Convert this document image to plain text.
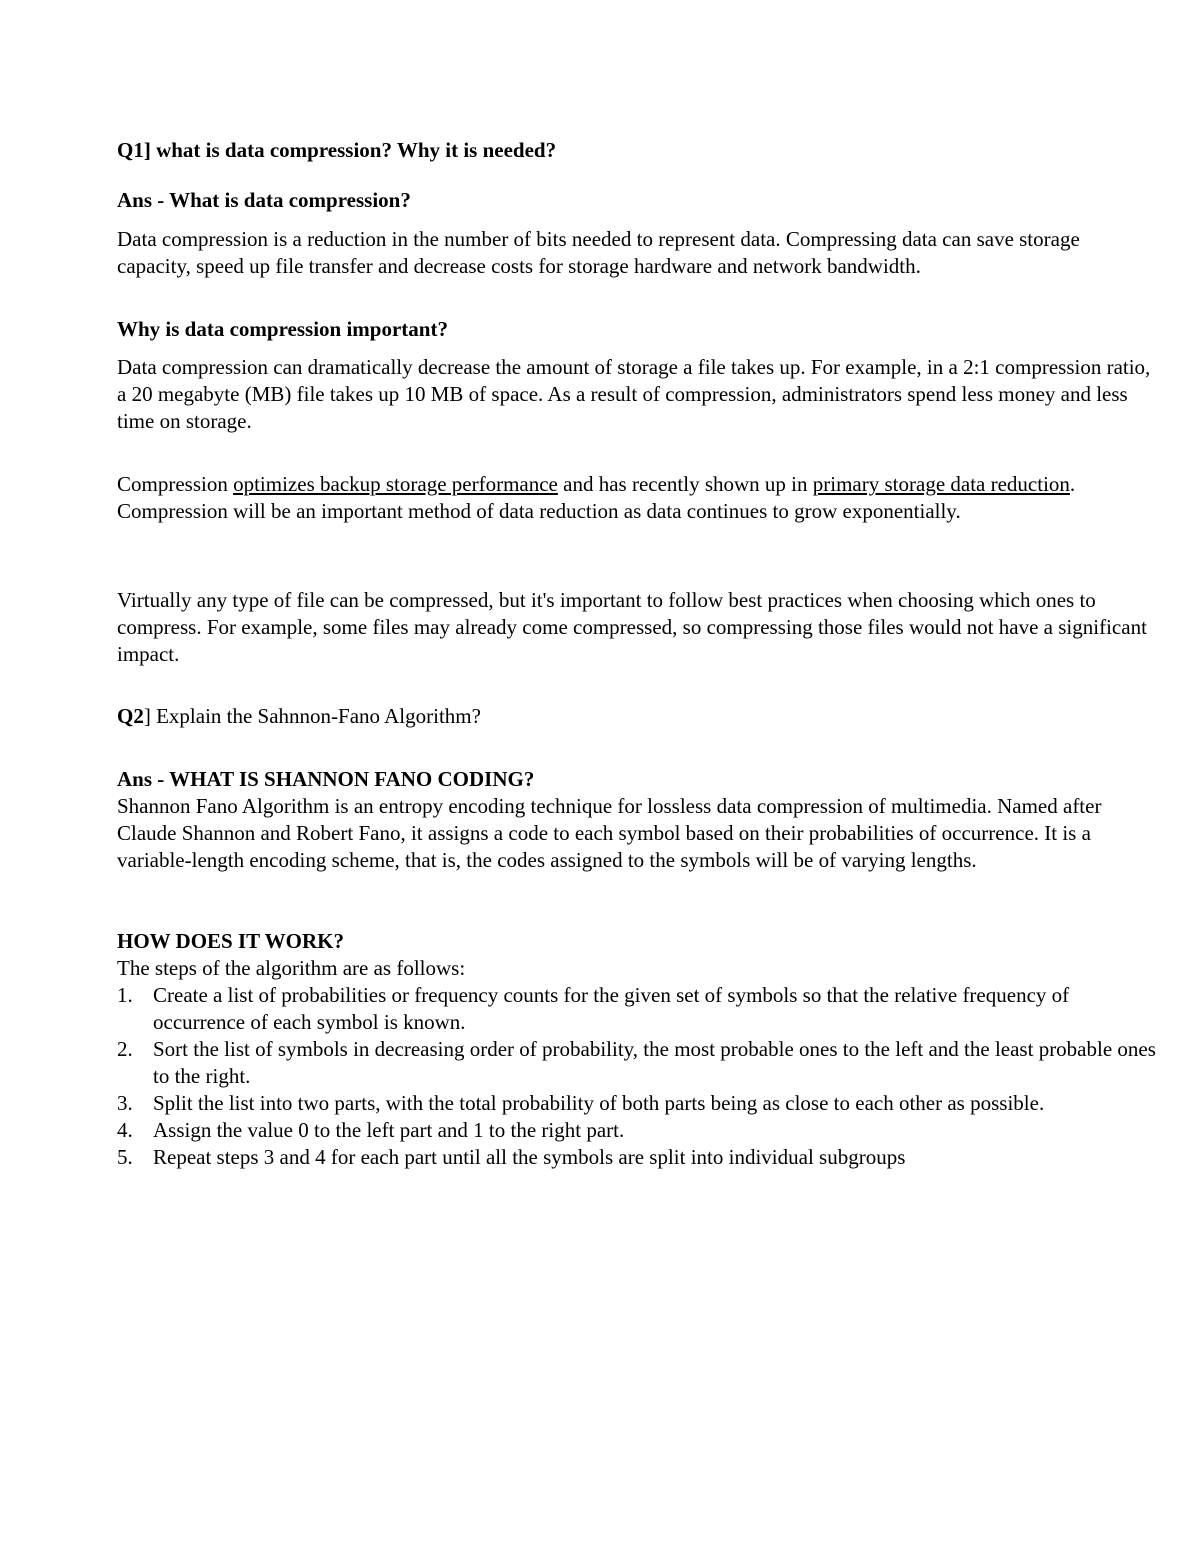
Q1] what is data compression? Why it is needed?

Ans - What is data compression?

Data compression is a reduction in the number of bits needed to represent data. Compressing data can save storage capacity, speed up file transfer and decrease costs for storage hardware and network bandwidth.

Why is data compression important?

Data compression can dramatically decrease the amount of storage a file takes up. For example, in a 2:1 compression ratio, a 20 megabyte (MB) file takes up 10 MB of space. As a result of compression, administrators spend less money and less time on storage.

Compression optimizes backup storage performance and has recently shown up in primary storage data reduction. Compression will be an important method of data reduction as data continues to grow exponentially.

Virtually any type of file can be compressed, but it's important to follow best practices when choosing which ones to compress. For example, some files may already come compressed, so compressing those files would not have a significant impact.

Q2] Explain the Sahnnon-Fano Algorithm?

Ans - WHAT IS SHANNON FANO CODING?

Shannon Fano Algorithm is an entropy encoding technique for lossless data compression of multimedia. Named after Claude Shannon and Robert Fano, it assigns a code to each symbol based on their probabilities of occurrence. It is a variable-length encoding scheme, that is, the codes assigned to the symbols will be of varying lengths.

HOW DOES IT WORK?

The steps of the algorithm are as follows:

1. Create a list of probabilities or frequency counts for the given set of symbols so that the relative frequency of occurrence of each symbol is known.
2. Sort the list of symbols in decreasing order of probability, the most probable ones to the left and the least probable ones to the right.
3. Split the list into two parts, with the total probability of both parts being as close to each other as possible.
4. Assign the value 0 to the left part and 1 to the right part.
5. Repeat steps 3 and 4 for each part until all the symbols are split into individual subgroups
